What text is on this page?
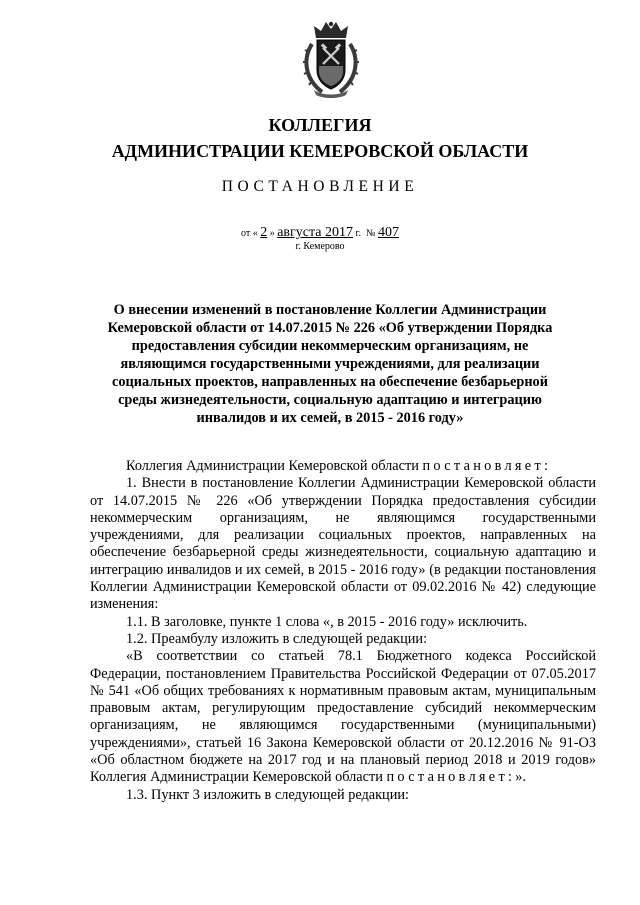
КОЛЛЕГИЯ
АДМИНИСТРАЦИИ КЕМЕРОВСКОЙ ОБЛАСТИ
ПОСТАНОВЛЕНИЕ
от « 2 » августа 2017 г. № 407
г. Кемерово
О внесении изменений в постановление Коллегии Администрации Кемеровской области от 14.07.2015 № 226 «Об утверждении Порядка предоставления субсидии некоммерческим организациям, не являющимся государственными учреждениями, для реализации социальных проектов, направленных на обеспечение безбарьерной среды жизнедеятельности, социальную адаптацию и интеграцию инвалидов и их семей, в 2015 - 2016 году»

Коллегия Администрации Кемеровской области постановляет:

1. Внести в постановление Коллегии Администрации Кемеровской области от 14.07.2015 № 226 «Об утверждении Порядка предоставления субсидии некоммерческим организациям, не являющимся государственными учреждениями, для реализации социальных проектов, направленных на обеспечение безбарьерной среды жизнедеятельности, социальную адаптацию и интеграцию инвалидов и их семей, в 2015 - 2016 году» (в редакции постановления Коллегии Администрации Кемеровской области от 09.02.2016 № 42) следующие изменения:

1.1. В заголовке, пункте 1 слова «, в 2015 - 2016 году» исключить.

1.2. Преамбулу изложить в следующей редакции:

«В соответствии со статьей 78.1 Бюджетного кодекса Российской Федерации, постановлением Правительства Российской Федерации от 07.05.2017 № 541 «Об общих требованиях к нормативным правовым актам, муниципальным правовым актам, регулирующим предоставление субсидий некоммерческим организациям, не являющимся государственными (муниципальными) учреждениями», статьей 16 Закона Кемеровской области от 20.12.2016 № 91-ОЗ «Об областном бюджете на 2017 год и на плановый период 2018 и 2019 годов» Коллегия Администрации Кемеровской области постановляет:».

1.3. Пункт 3 изложить в следующей редакции:
